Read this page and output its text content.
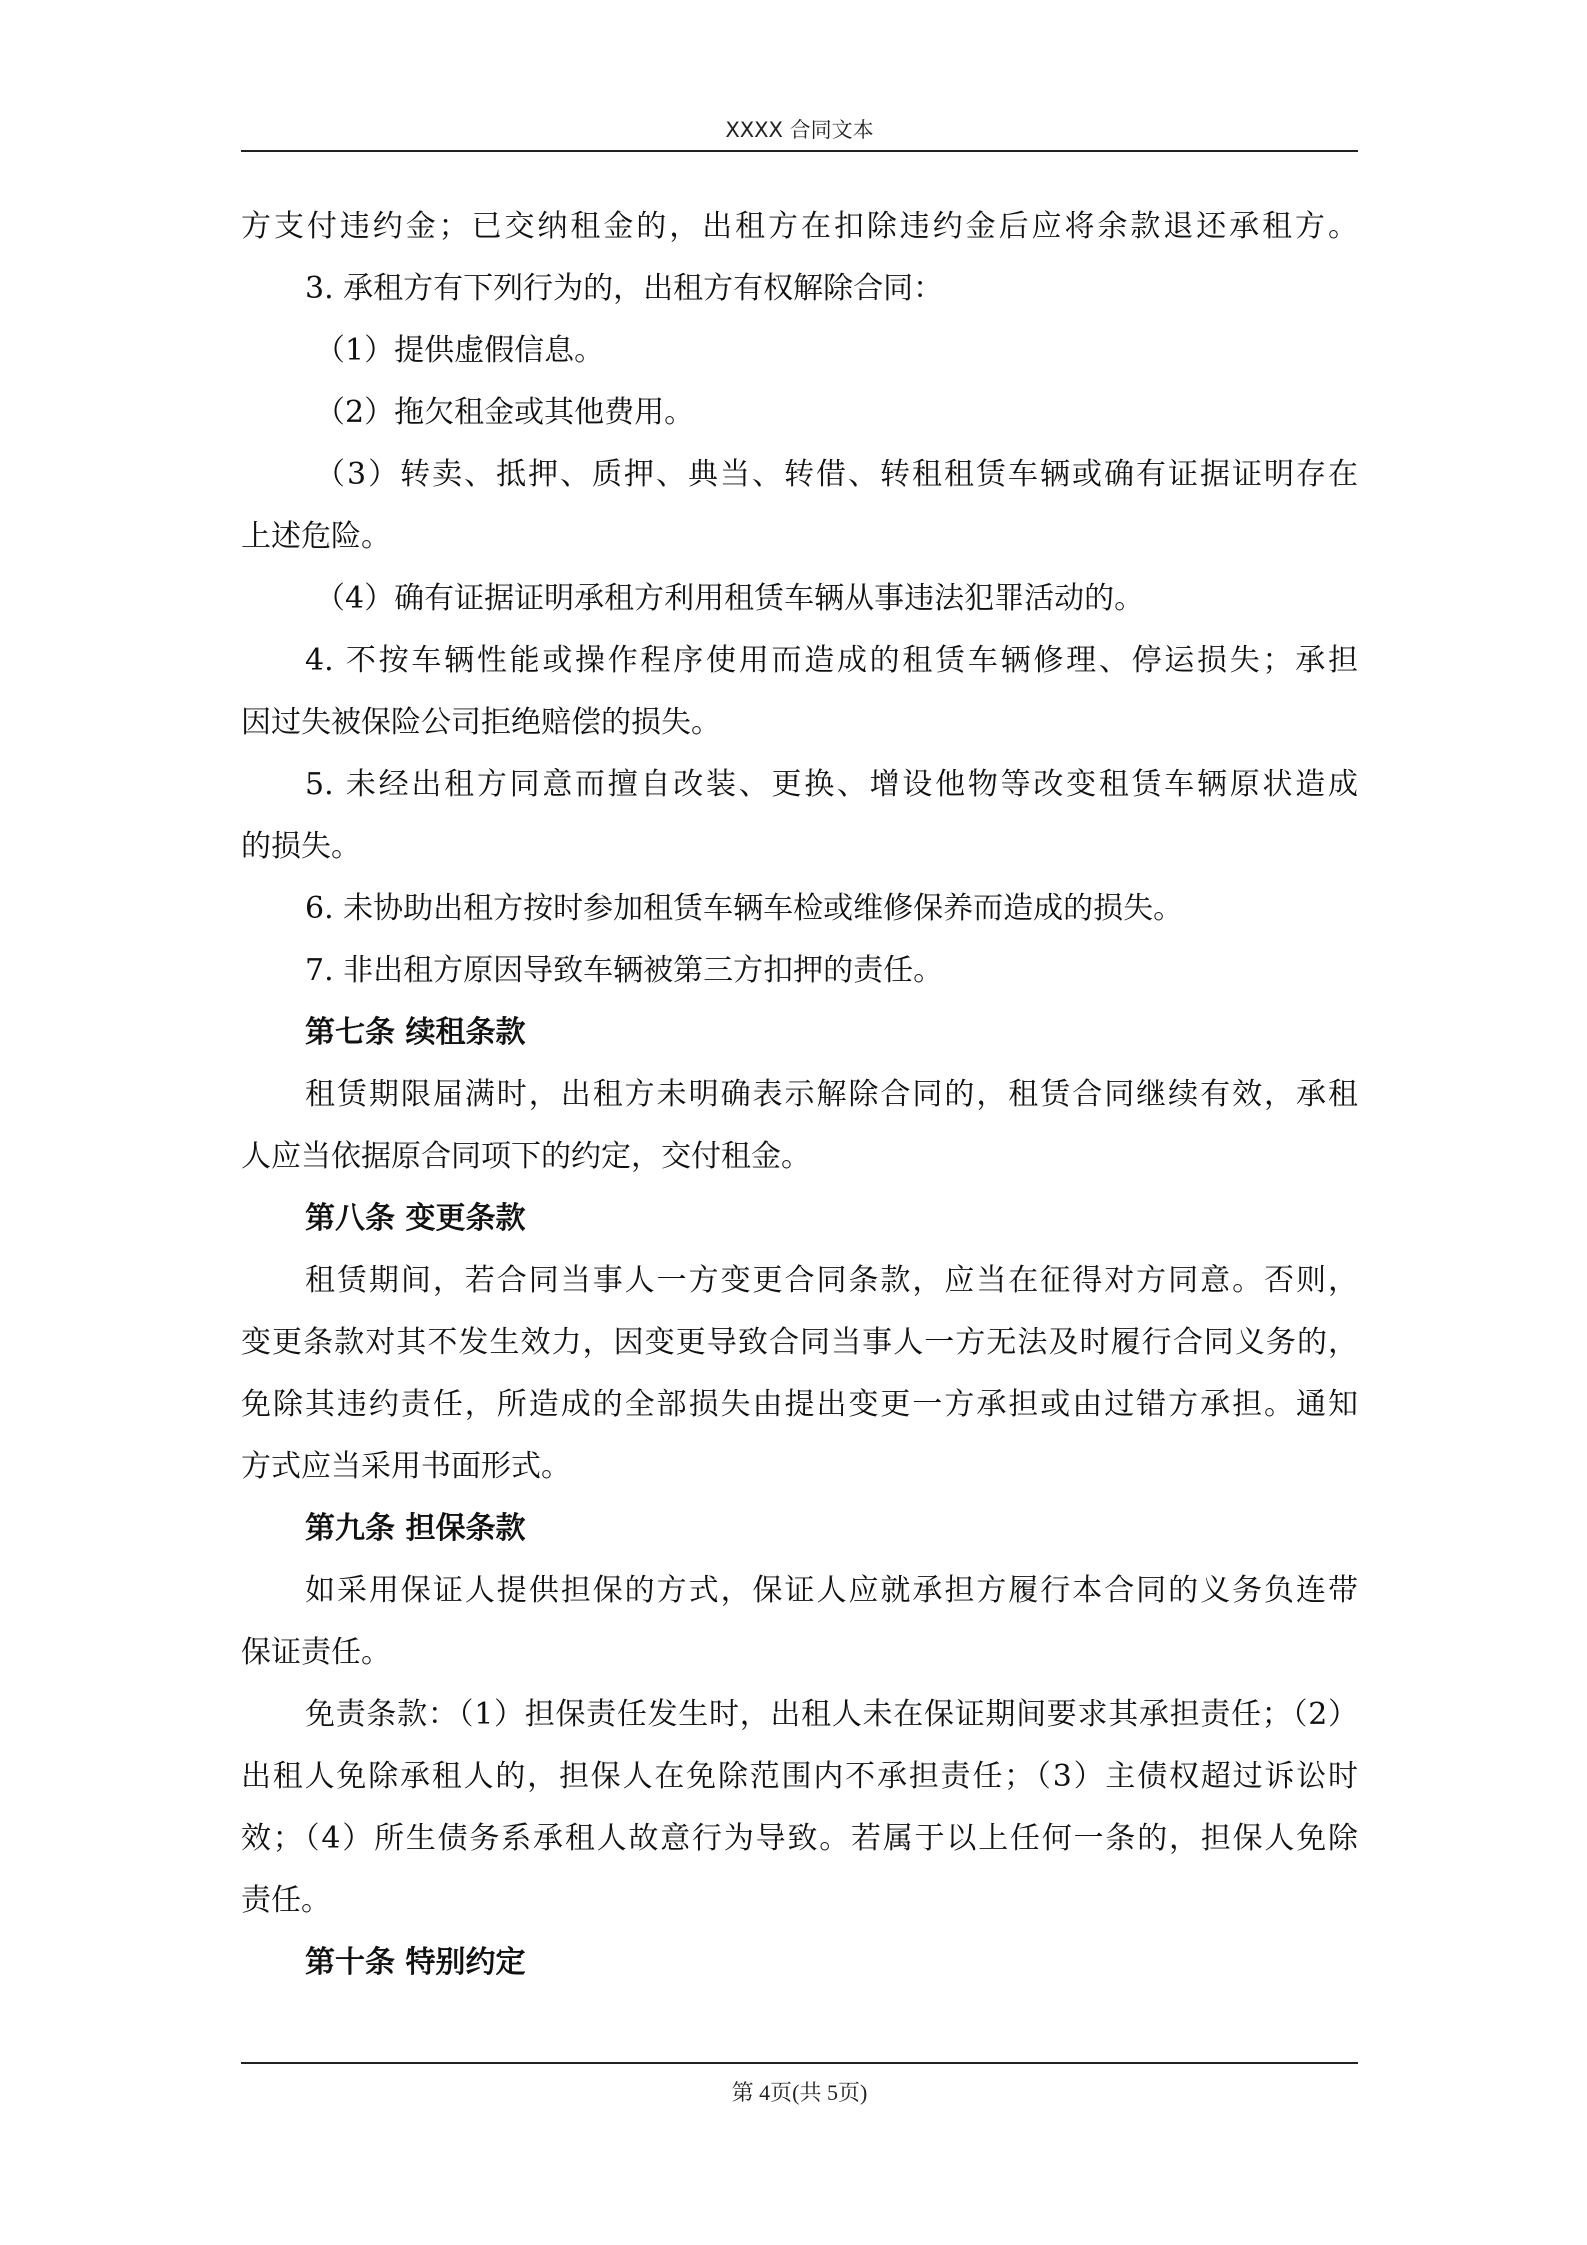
XXXX 合同文本
方支付违约金；已交纳租金的，出租方在扣除违约金后应将余款退还承租方。
3. 承租方有下列行为的，出租方有权解除合同：
（1）提供虚假信息。
（2）拖欠租金或其他费用。
（3）转卖、抵押、质押、典当、转借、转租租赁车辆或确有证据证明存在
上述危险。
（4）确有证据证明承租方利用租赁车辆从事违法犯罪活动的。
4. 不按车辆性能或操作程序使用而造成的租赁车辆修理、停运损失；承担
因过失被保险公司拒绝赔偿的损失。
5. 未经出租方同意而擅自改装、更换、增设他物等改变租赁车辆原状造成
的损失。
6. 未协助出租方按时参加租赁车辆车检或维修保养而造成的损失。
7. 非出租方原因导致车辆被第三方扣押的责任。
第七条 续租条款
租赁期限届满时，出租方未明确表示解除合同的，租赁合同继续有效，承租
人应当依据原合同项下的约定，交付租金。
第八条 变更条款
租赁期间，若合同当事人一方变更合同条款，应当在征得对方同意。否则，
变更条款对其不发生效力，因变更导致合同当事人一方无法及时履行合同义务的，
免除其违约责任，所造成的全部损失由提出变更一方承担或由过错方承担。通知
方式应当采用书面形式。
第九条 担保条款
如采用保证人提供担保的方式，保证人应就承担方履行本合同的义务负连带
保证责任。
免责条款：（1）担保责任发生时，出租人未在保证期间要求其承担责任；（2）
出租人免除承租人的，担保人在免除范围内不承担责任；（3）主债权超过诉讼时
效；（4）所生债务系承租人故意行为导致。若属于以上任何一条的，担保人免除
责任。
第十条 特别约定
第 4页(共 5页)
